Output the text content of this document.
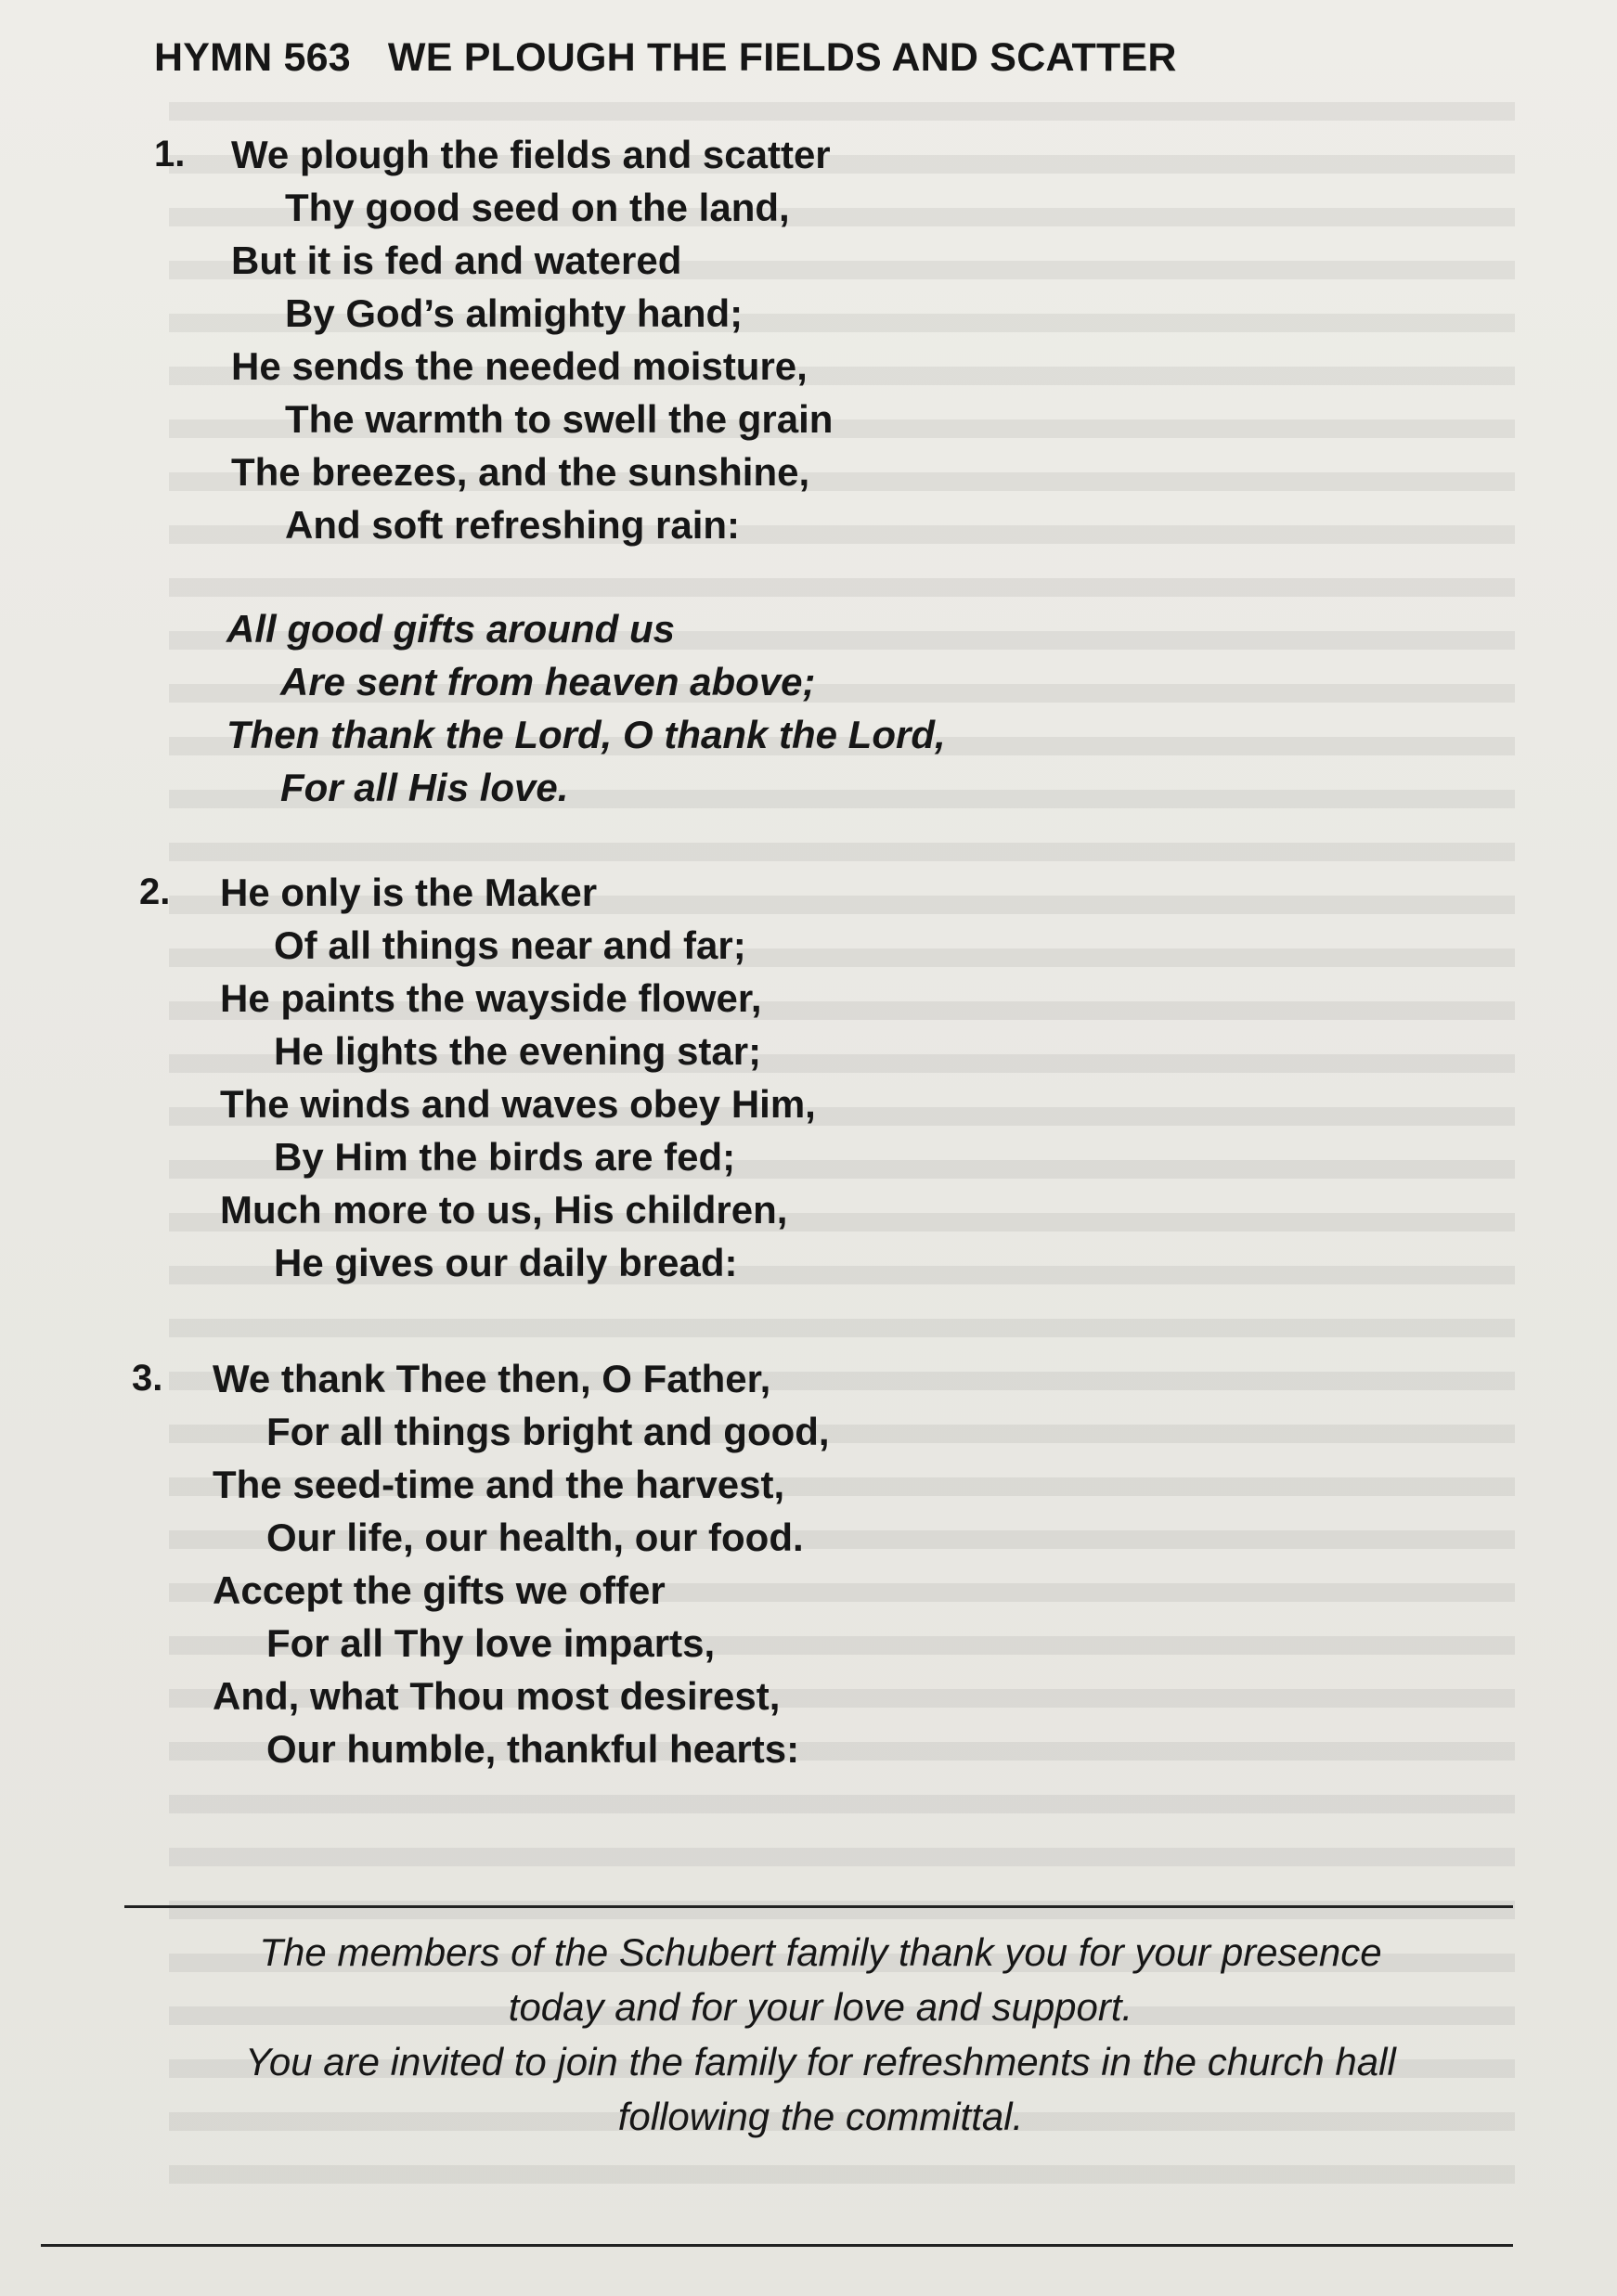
HYMN 563 WE PLOUGH THE FIELDS AND SCATTER
1. We plough the fields and scatter
Thy good seed on the land,
But it is fed and watered
By God’s almighty hand;
He sends the needed moisture,
The warmth to swell the grain
The breezes, and the sunshine,
And soft refreshing rain:
All good gifts around us
Are sent from heaven above;
Then thank the Lord, O thank the Lord,
For all His love.
2. He only is the Maker
Of all things near and far;
He paints the wayside flower,
He lights the evening star;
The winds and waves obey Him,
By Him the birds are fed;
Much more to us, His children,
He gives our daily bread:
3. We thank Thee then, O Father,
For all things bright and good,
The seed-time and the harvest,
Our life, our health, our food.
Accept the gifts we offer
For all Thy love imparts,
And, what Thou most desirest,
Our humble, thankful hearts:
The members of the Schubert family thank you for your presence
today and for your love and support.
You are invited to join the family for refreshments in the church hall
following the committal.
